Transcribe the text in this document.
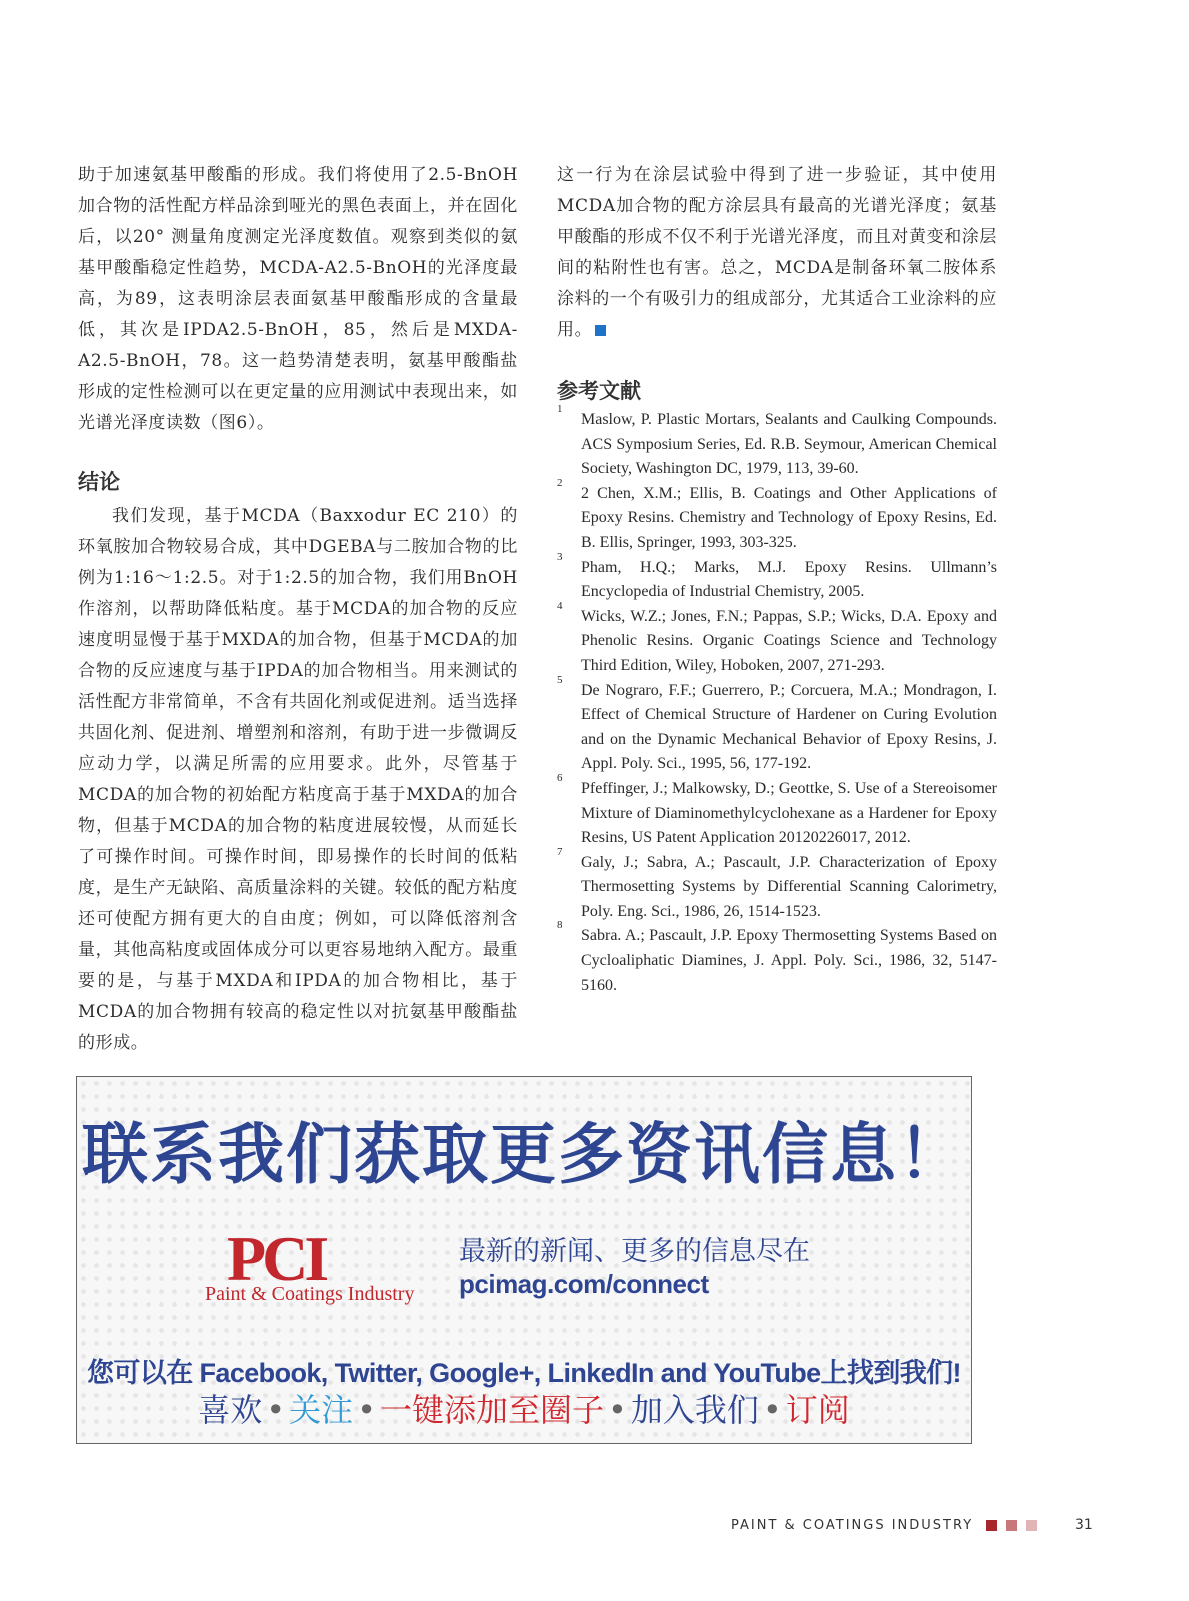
助于加速氨基甲酸酯的形成。我们将使用了2.5-BnOH加合物的活性配方样品涂到哑光的黑色表面上，并在固化后，以20° 测量角度测定光泽度数值。观察到类似的氨基甲酸酯稳定性趋势，MCDA-A2.5-BnOH的光泽度最高，为89，这表明涂层表面氨基甲酸酯形成的含量最低，其次是IPDA2.5-BnOH，85，然后是MXDA-A2.5-BnOH，78。这一趋势清楚表明，氨基甲酸酯盐形成的定性检测可以在更定量的应用测试中表现出来，如光谱光泽度读数（图6）。

结论

我们发现，基于MCDA（Baxxodur EC 210）的环氧胺加合物较易合成，其中DGEBA与二胺加合物的比例为1:16～1:2.5。对于1:2.5的加合物，我们用BnOH作溶剂，以帮助降低粘度。基于MCDA的加合物的反应速度明显慢于基于MXDA的加合物，但基于MCDA的加合物的反应速度与基于IPDA的加合物相当。用来测试的活性配方非常简单，不含有共固化剂或促进剂。适当选择共固化剂、促进剂、增塑剂和溶剂，有助于进一步微调反应动力学，以满足所需的应用要求。此外，尽管基于MCDA的加合物的初始配方粘度高于基于MXDA的加合物，但基于MCDA的加合物的粘度进展较慢，从而延长了可操作时间。可操作时间，即易操作的长时间的低粘度，是生产无缺陷、高质量涂料的关键。较低的配方粘度还可使配方拥有更大的自由度；例如，可以降低溶剂含量，其他高粘度或固体成分可以更容易地纳入配方。最重要的是，与基于MXDA和IPDA的加合物相比，基于MCDA的加合物拥有较高的稳定性以对抗氨基甲酸酯盐的形成。

这一行为在涂层试验中得到了进一步验证，其中使用MCDA加合物的配方涂层具有最高的光谱光泽度；氨基甲酸酯的形成不仅不利于光谱光泽度，而且对黄变和涂层间的粘附性也有害。总之，MCDA是制备环氧二胺体系涂料的一个有吸引力的组成部分，尤其适合工业涂料的应用。

参考文献
1
Maslow, P. Plastic Mortars, Sealants and Caulking Compounds. ACS Symposium Series, Ed. R.B. Seymour, American Chemical Society, Washington DC, 1979, 113, 39-60.
2
2 Chen, X.M.; Ellis, B. Coatings and Other Applications of Epoxy Resins. Chemistry and Technology of Epoxy Resins, Ed. B. Ellis, Springer, 1993, 303-325.
3
Pham, H.Q.; Marks, M.J. Epoxy Resins. Ullmann’s Encyclopedia of Industrial Chemistry, 2005.
4
Wicks, W.Z.; Jones, F.N.; Pappas, S.P.; Wicks, D.A. Epoxy and Phenolic Resins. Organic Coatings Science and Technology Third Edition, Wiley, Hoboken, 2007, 271-293.
5
De Nograro, F.F.; Guerrero, P.; Corcuera, M.A.; Mondragon, I. Effect of Chemical Structure of Hardener on Curing Evolution and on the Dynamic Mechanical Behavior of Epoxy Resins, J. Appl. Poly. Sci., 1995, 56, 177-192.
6
Pfeffinger, J.; Malkowsky, D.; Geottke, S. Use of a Stereoisomer Mixture of Diaminomethylcyclohexane as a Hardener for Epoxy Resins, US Patent Application 20120226017, 2012.
7
Galy, J.; Sabra, A.; Pascault, J.P. Characterization of Epoxy Thermosetting Systems by Differential Scanning Calorimetry, Poly. Eng. Sci., 1986, 26, 1514-1523.
8
Sabra. A.; Pascault, J.P. Epoxy Thermosetting Systems Based on Cycloaliphatic Diamines, J. Appl. Poly. Sci., 1986, 32, 5147-5160.
联系我们获取更多资讯信息！
PCI
Paint & Coatings Industry
最新的新闻、更多的信息尽在
pcimag.com/connect
您可以在 Facebook, Twitter, Google+, LinkedIn and YouTube上找到我们!
喜欢 • 关注 • 一键添加至圈子 • 加入我们 • 订阅
PAINT & COATINGS INDUSTRY	31
